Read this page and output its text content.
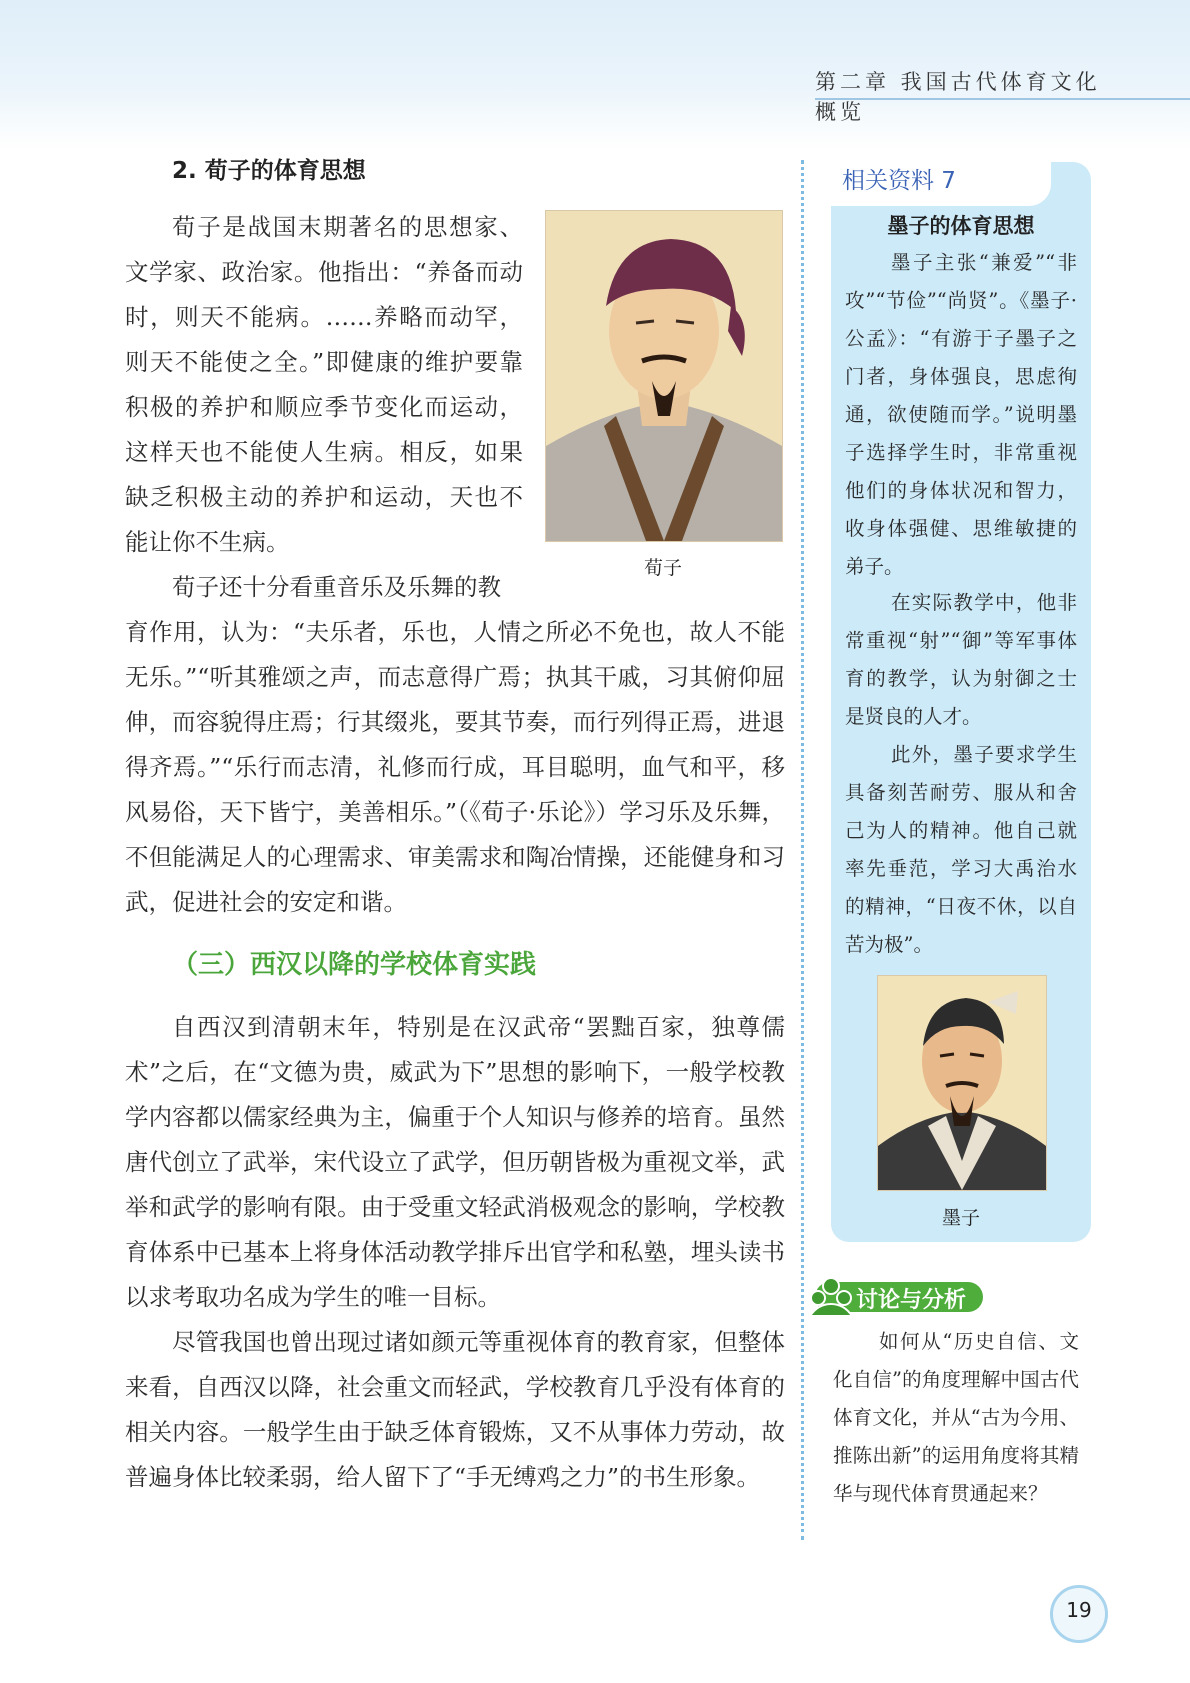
第二章 我国古代体育文化概览
2. 荀子的体育思想

荀子是战国末期著名的思想家、文学家、政治家。他指出：“养备而动时，则天不能病。……养略而动罕，则天不能使之全。”即健康的维护要靠积极的养护和顺应季节变化而运动，这样天也不能使人生病。相反，如果缺乏积极主动的养护和运动，天也不能让你不生病。

荀子还十分看重音乐及乐舞的教

育作用，认为：“夫乐者，乐也，人情之所必不免也，故人不能无乐。”“听其雅颂之声，而志意得广焉；执其干戚，习其俯仰屈伸，而容貌得庄焉；行其缀兆，要其节奏，而行列得正焉，进退得齐焉。”“乐行而志清，礼修而行成，耳目聪明，血气和平，移风易俗，天下皆宁，美善相乐。”（《荀子·乐论》）学习乐及乐舞，不但能满足人的心理需求、审美需求和陶冶情操，还能健身和习武，促进社会的安定和谐。

荀子
（三）西汉以降的学校体育实践

自西汉到清朝末年，特别是在汉武帝“罢黜百家，独尊儒术”之后，在“文德为贵，威武为下”思想的影响下，一般学校教学内容都以儒家经典为主，偏重于个人知识与修养的培育。虽然唐代创立了武举，宋代设立了武学，但历朝皆极为重视文举，武举和武学的影响有限。由于受重文轻武消极观念的影响，学校教育体系中已基本上将身体活动教学排斥出官学和私塾，埋头读书以求考取功名成为学生的唯一目标。

尽管我国也曾出现过诸如颜元等重视体育的教育家，但整体来看，自西汉以降，社会重文而轻武，学校教育几乎没有体育的相关内容。一般学生由于缺乏体育锻炼，又不从事体力劳动，故普遍身体比较柔弱，给人留下了“手无缚鸡之力”的书生形象。

相关资料 7
墨子的体育思想

墨子主张“兼爱”“非攻”“节俭”“尚贤”。《墨子·公孟》：“有游于子墨子之门者，身体强良，思虑徇通，欲使随而学。”说明墨子选择学生时，非常重视他们的身体状况和智力，收身体强健、思维敏捷的弟子。

在实际教学中，他非常重视“射”“御”等军事体育的教学，认为射御之士是贤良的人才。

此外，墨子要求学生具备刻苦耐劳、服从和舍己为人的精神。他自己就率先垂范，学习大禹治水的精神，“日夜不休，以自苦为极”。

墨子
讨论与分析

如何从“历史自信、文化自信”的角度理解中国古代体育文化，并从“古为今用、推陈出新”的运用角度将其精华与现代体育贯通起来？

19
